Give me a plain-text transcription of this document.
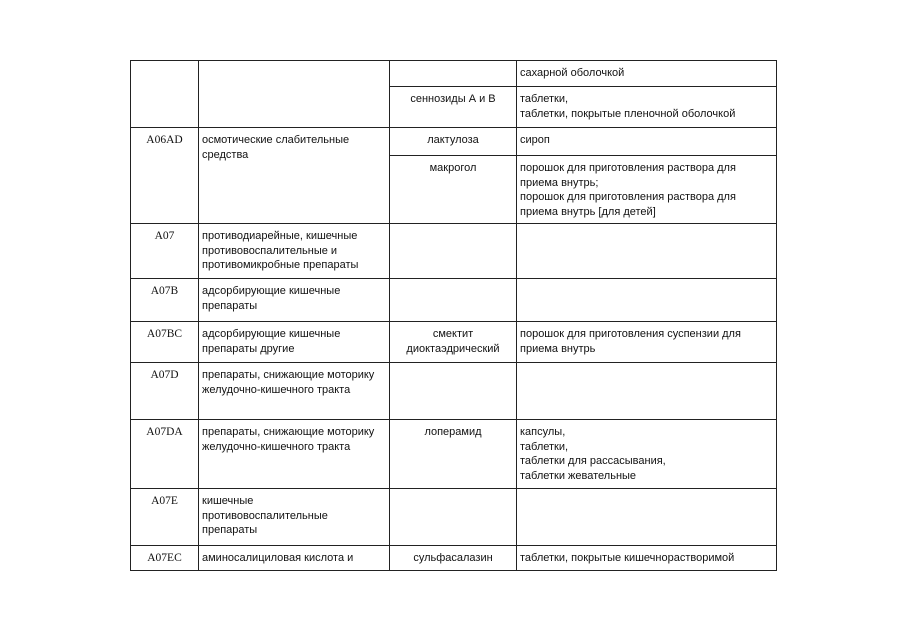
			сахарной оболочкой

		сеннозиды А и В	таблетки,
таблетки, покрытые пленочной оболочкой

A06AD	осмотические слабительные средства	лактулоза	сироп

		макрогол	порошок для приготовления раствора для
приема внутрь;
порошок для приготовления раствора для
приема внутрь [для детей]

A07	противодиарейные, кишечные противовоспалительные и противомикробные препараты		

A07B	адсорбирующие кишечные препараты		

A07BC	адсорбирующие кишечные препараты другие	смектит диоктаэдрический	порошок для приготовления суспензии для
приема внутрь

A07D	препараты, снижающие моторику желудочно-кишечного тракта		

A07DA	препараты, снижающие моторику желудочно-кишечного тракта	лоперамид	капсулы,
таблетки,
таблетки для рассасывания,
таблетки жевательные

A07E	кишечные противовоспалительные препараты		

A07EC	аминосалициловая кислота и	сульфасалазин	таблетки, покрытые кишечнорастворимой
